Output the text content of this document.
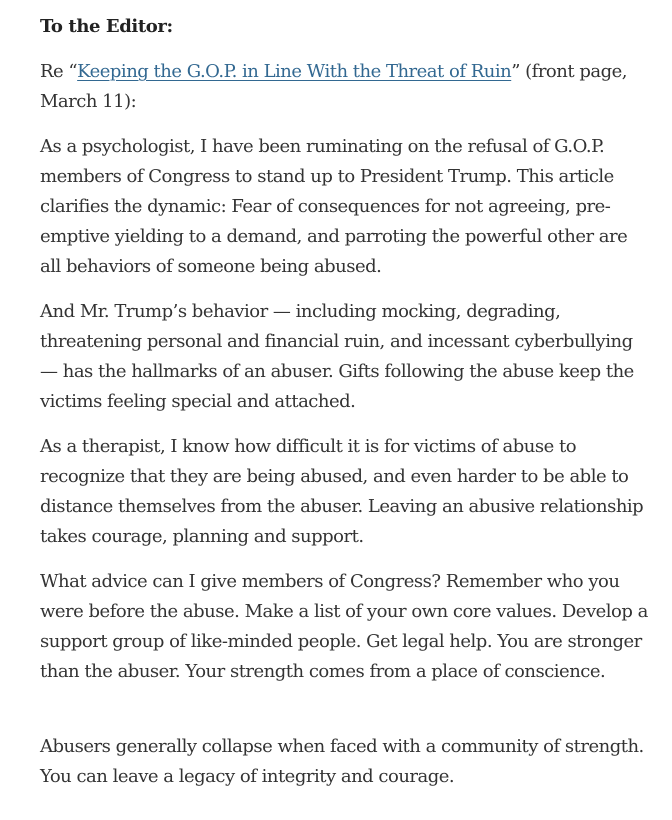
To the Editor:

Re “Keeping the G.O.P. in Line With the Threat of Ruin” (front page, March 11):

As a psychologist, I have been ruminating on the refusal of G.O.P. members of Congress to stand up to President Trump. This article clarifies the dynamic: Fear of consequences for not agreeing, pre-emptive yielding to a demand, and parroting the powerful other are all behaviors of someone being abused.

And Mr. Trump’s behavior — including mocking, degrading, threatening personal and financial ruin, and incessant cyberbullying — has the hallmarks of an abuser. Gifts following the abuse keep the victims feeling special and attached.

As a therapist, I know how difficult it is for victims of abuse to recognize that they are being abused, and even harder to be able to distance themselves from the abuser. Leaving an abusive relationship takes courage, planning and support.

What advice can I give members of Congress? Remember who you were before the abuse. Make a list of your own core values. Develop a support group of like-minded people. Get legal help. You are stronger than the abuser. Your strength comes from a place of conscience.

Abusers generally collapse when faced with a community of strength. You can leave a legacy of integrity and courage.
